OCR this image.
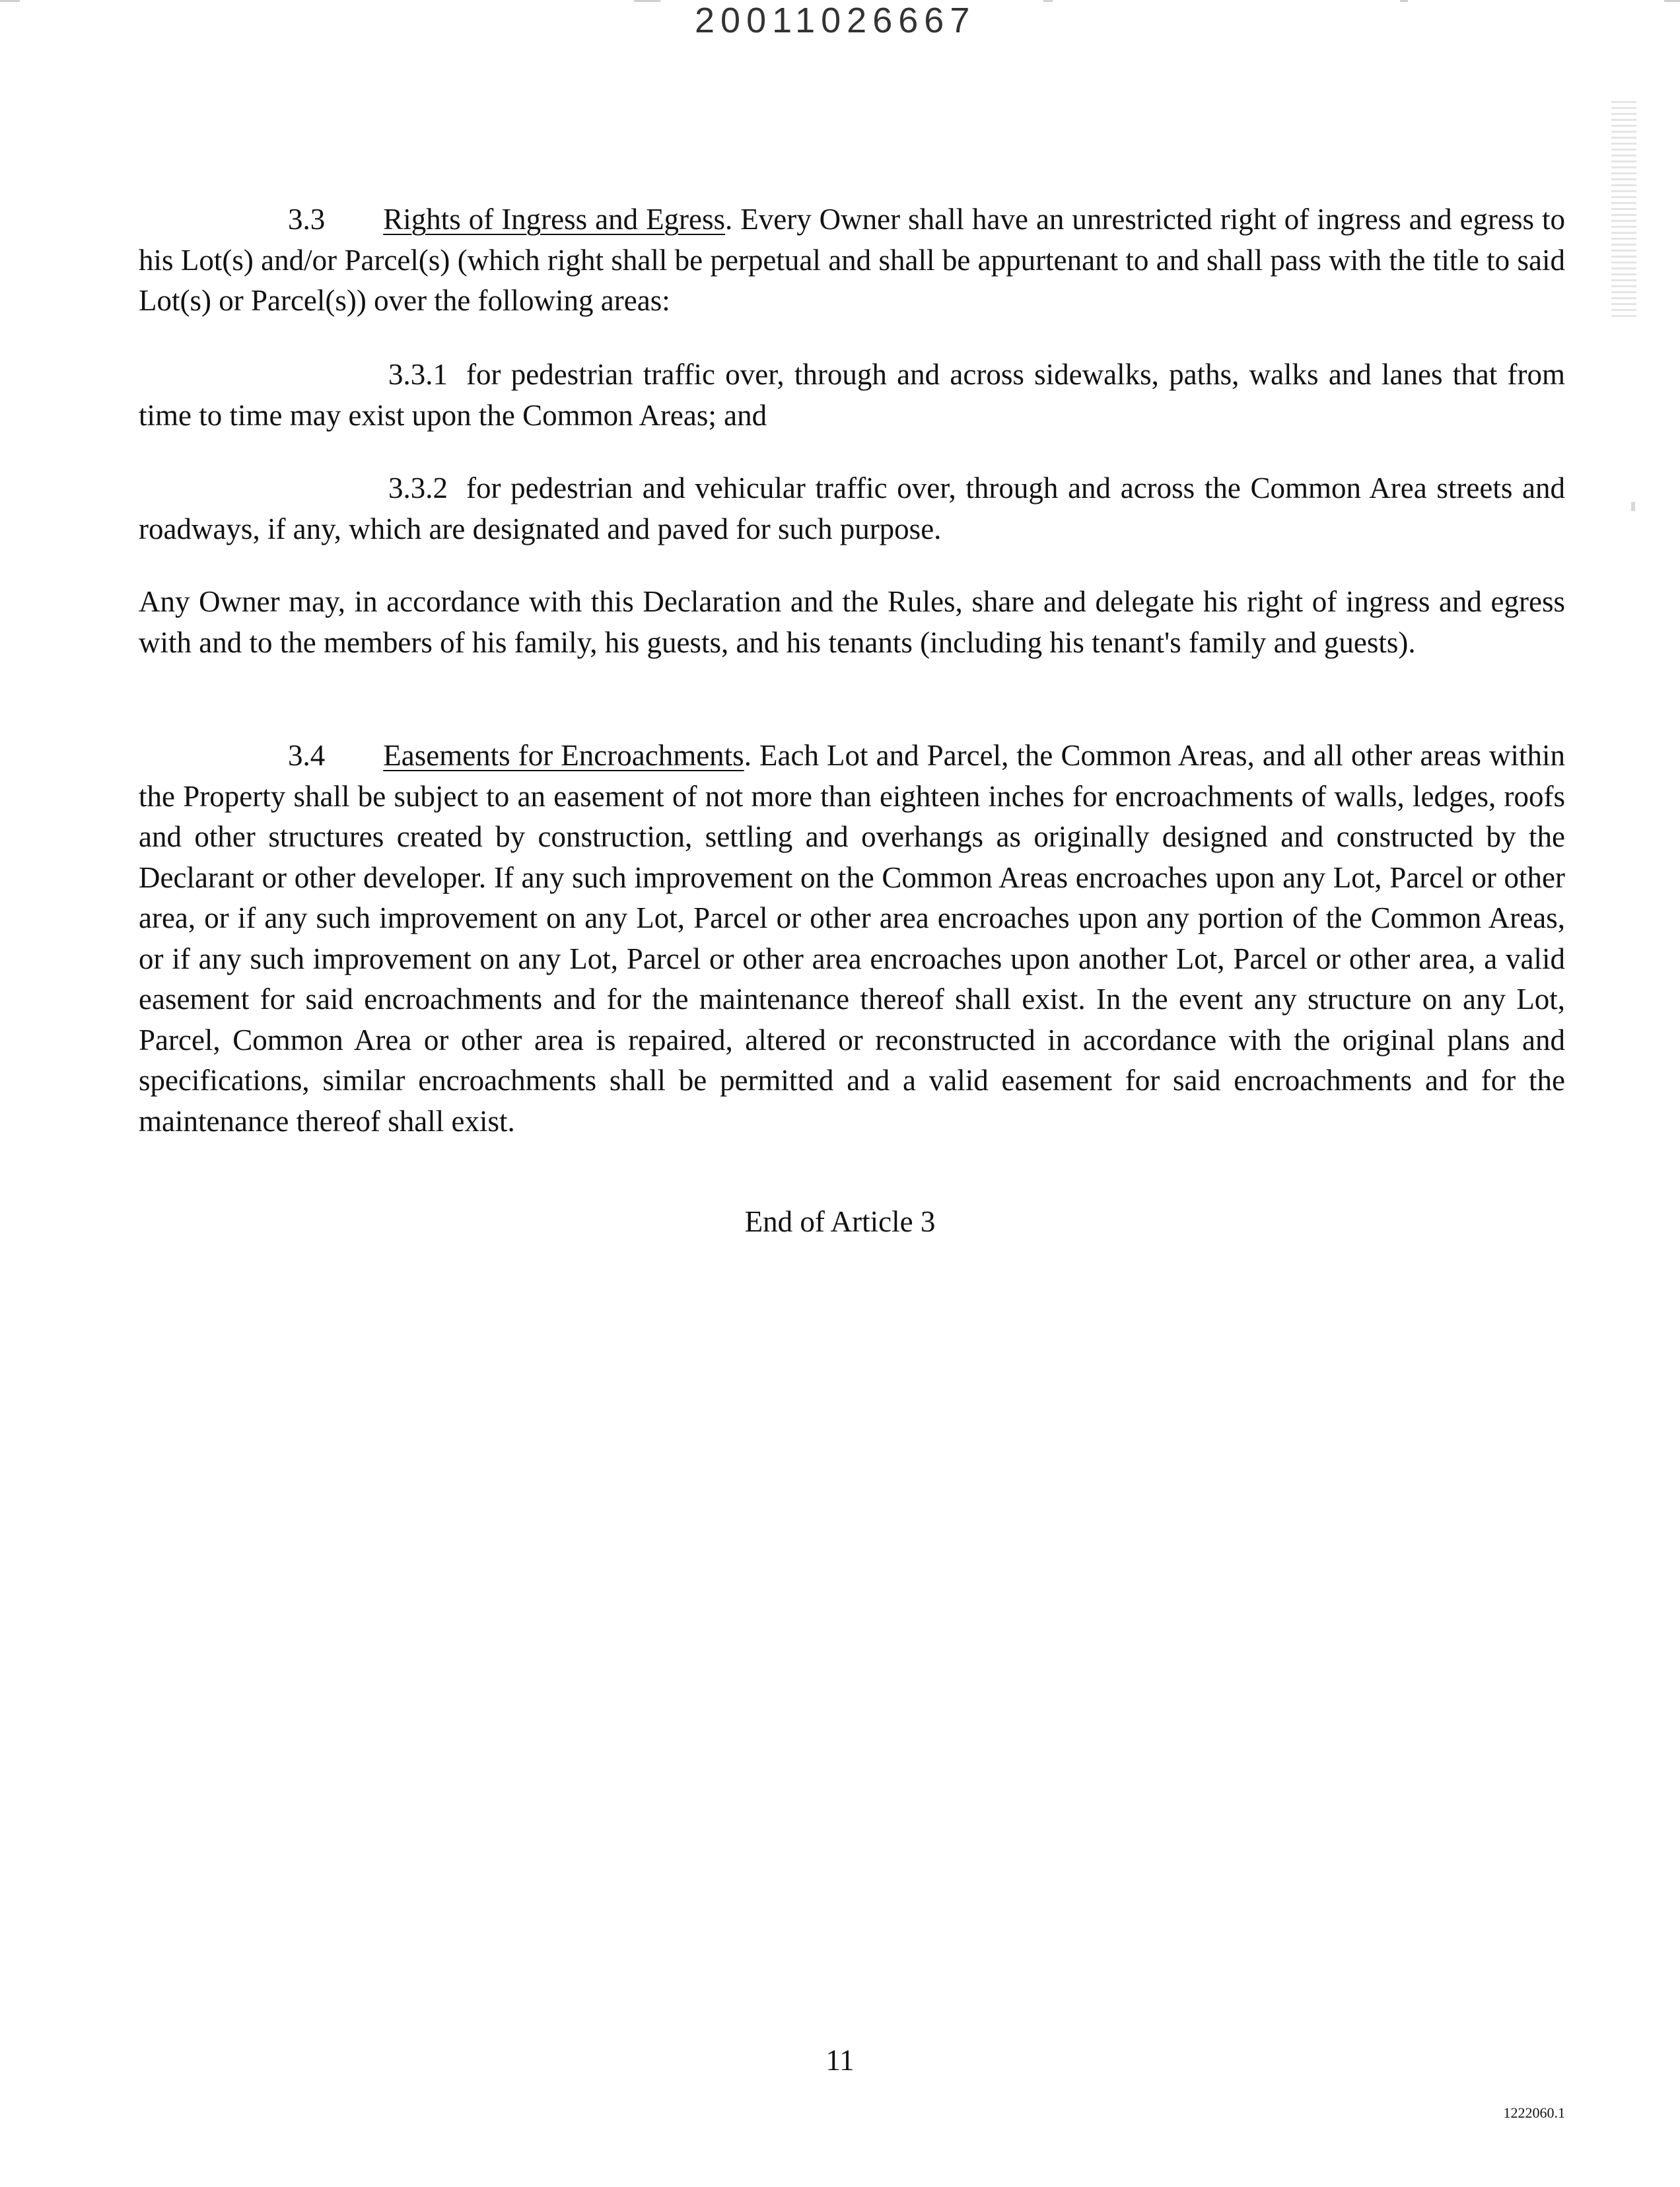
20011026667
3.3 Rights of Ingress and Egress. Every Owner shall have an unrestricted right of ingress and egress to his Lot(s) and/or Parcel(s) (which right shall be perpetual and shall be appurtenant to and shall pass with the title to said Lot(s) or Parcel(s)) over the following areas:
3.3.1 for pedestrian traffic over, through and across sidewalks, paths, walks and lanes that from time to time may exist upon the Common Areas; and
3.3.2 for pedestrian and vehicular traffic over, through and across the Common Area streets and roadways, if any, which are designated and paved for such purpose.
Any Owner may, in accordance with this Declaration and the Rules, share and delegate his right of ingress and egress with and to the members of his family, his guests, and his tenants (including his tenant's family and guests).
3.4 Easements for Encroachments. Each Lot and Parcel, the Common Areas, and all other areas within the Property shall be subject to an easement of not more than eighteen inches for encroachments of walls, ledges, roofs and other structures created by construction, settling and overhangs as originally designed and constructed by the Declarant or other developer. If any such improvement on the Common Areas encroaches upon any Lot, Parcel or other area, or if any such improvement on any Lot, Parcel or other area encroaches upon any portion of the Common Areas, or if any such improvement on any Lot, Parcel or other area encroaches upon another Lot, Parcel or other area, a valid easement for said encroachments and for the maintenance thereof shall exist. In the event any structure on any Lot, Parcel, Common Area or other area is repaired, altered or reconstructed in accordance with the original plans and specifications, similar encroachments shall be permitted and a valid easement for said encroachments and for the maintenance thereof shall exist.
End of Article 3
11
1222060.1
